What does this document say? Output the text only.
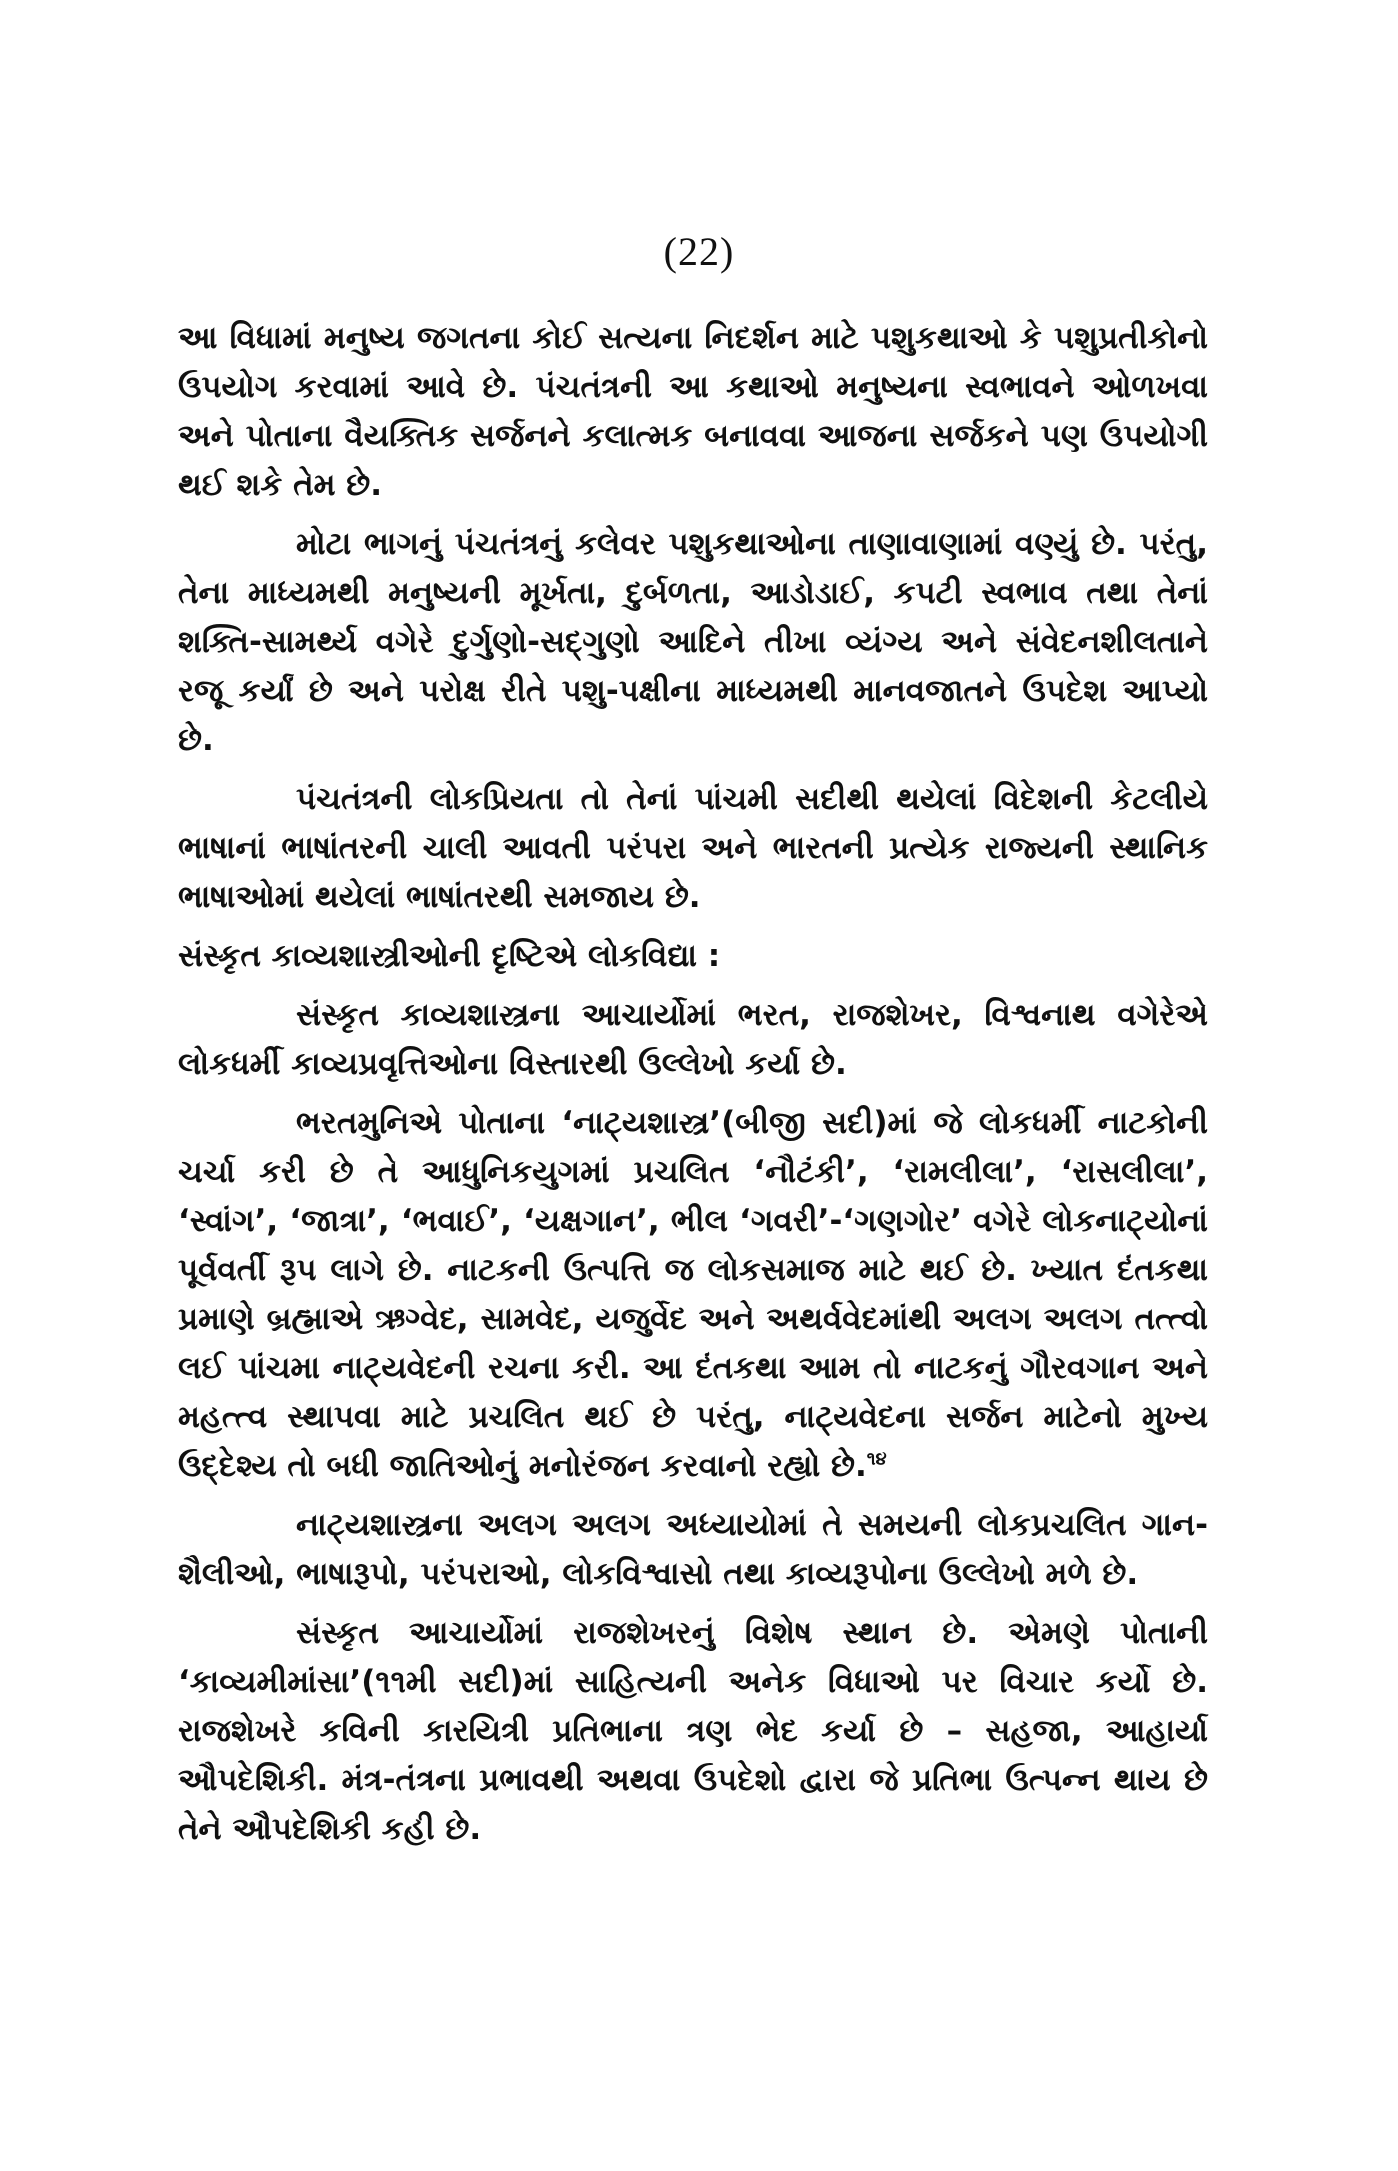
(22)

આ વિધામાં મનુષ્ય જગતના કોઈ સત્યના નિદર્શન માટે પશુકથાઓ કે પશુપ્રતીકોનો ઉપયોગ કરવામાં આવે છે. પંચતંત્રની આ કથાઓ મનુષ્યના સ્વભાવને ઓળખવા અને પોતાના વૈયક્તિક સર્જનને કલાત્મક બનાવવા આજના સર્જકને પણ ઉપયોગી થઈ શકે તેમ છે.

મોટા ભાગનું પંચતંત્રનું કલેવર પશુકથાઓના તાણાવાણામાં વણ્યું છે. પરંતુ, તેના માધ્યમથી મનુષ્યની મૂર્ખતા, દુર્બળતા, આડોડાઈ, કપટી સ્વભાવ તથા તેનાં શક્તિ-સામર્થ્ય વગેરે દુર્ગુણો-સદ્‌ગુણો આદિને તીખા વ્યંગ્ય અને સંવેદનશીલતાને રજૂ કર્યાં છે અને પરોક્ષ રીતે પશુ-પક્ષીના માધ્યમથી માનવજાતને ઉપદેશ આપ્યો છે.

પંચતંત્રની લોકપ્રિયતા તો તેનાં પાંચમી સદીથી થયેલાં વિદેશની કેટલીયે ભાષાનાં ભાષાંતરની ચાલી આવતી પરંપરા અને ભારતની પ્રત્યેક રાજ્યની સ્થાનિક ભાષાઓમાં થયેલાં ભાષાંતરથી સમજાય છે.

સંસ્કૃત કાવ્યશાસ્ત્રીઓની દૃષ્ટિએ લોકવિદ્યા :

સંસ્કૃત કાવ્યશાસ્ત્રના આચાર્યોમાં ભરત, રાજશેખર, વિશ્વનાથ વગેરેએ લોકધર્મી કાવ્યપ્રવૃત્તિઓના વિસ્તારથી ઉલ્લેખો કર્યા છે.

ભરતમુનિએ પોતાના ‘નાટ્યશાસ્ત્ર’(બીજી સદી)માં જે લોકધર્મી નાટકોની ચર્ચા કરી છે તે આધુનિકયુગમાં પ્રચલિત ‘નૌટંકી’, ‘રામલીલા’, ‘રાસલીલા’, ‘સ્વાંગ’, ‘જાત્રા’, ‘ભવાઈ’, ‘યક્ષગાન’, ભીલ ‘ગવરી’-‘ગણગોર’ વગેરે લોકનાટ્યોનાં પૂર્વવર્તી રૂપ લાગે છે. નાટકની ઉત્પત્તિ જ લોકસમાજ માટે થઈ છે. ખ્યાત દંતકથા પ્રમાણે બ્રહ્માએ ઋગ્વેદ, સામવેદ, યજુર્વેદ અને અથર્વવેદમાંથી અલગ અલગ તત્ત્વો લઈ પાંચમા નાટ્યવેદની રચના કરી. આ દંતકથા આમ તો નાટકનું ગૌરવગાન અને મહત્ત્વ સ્થાપવા માટે પ્રચલિત થઈ છે પરંતુ, નાટ્યવેદના સર્જન માટેનો મુખ્ય ઉદ્દેશ્ય તો બધી જાતિઓનું મનોરંજન કરવાનો રહ્યો છે.$^{૧૪}$

નાટ્યશાસ્ત્રના અલગ અલગ અધ્યાયોમાં તે સમયની લોકપ્રચલિત ગાન-શૈલીઓ, ભાષારૂપો, પરંપરાઓ, લોકવિશ્વાસો તથા કાવ્યરૂપોના ઉલ્લેખો મળે છે.

સંસ્કૃત આચાર્યોમાં રાજશેખરનું વિશેષ સ્થાન છે. એમણે પોતાની ‘કાવ્યમીમાંસા’(૧૧મી સદી)માં સાહિત્યની અનેક વિધાઓ પર વિચાર કર્યો છે. રાજશેખરે કવિની કારયિત્રી પ્રતિભાના ત્રણ ભેદ કર્યા છે – સહજા, આહાર્યા ઔપદેશિકી. મંત્ર-તંત્રના પ્રભાવથી અથવા ઉપદેશો દ્વારા જે પ્રતિભા ઉત્પન્ન થાય છે તેને ઔપદેશિકી કહી છે.
